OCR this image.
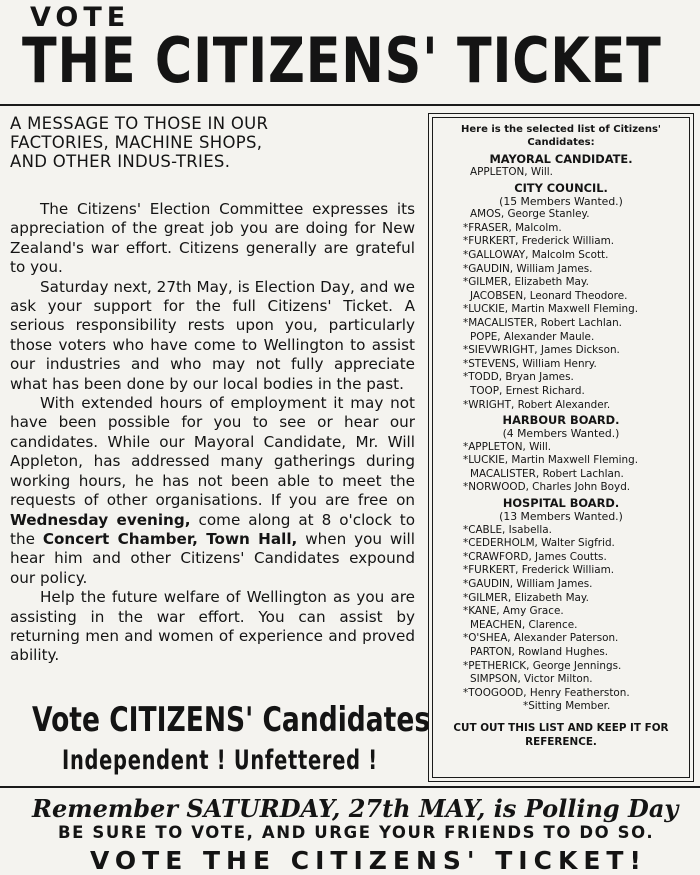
VOTE
THE CITIZENS' TICKET
A MESSAGE TO THOSE IN OUR FACTORIES, MACHINE SHOPS, AND OTHER INDUS-TRIES.

The Citizens' Election Committee expresses its appreciation of the great job you are doing for New Zealand's war effort. Citizens generally are grateful to you.

Saturday next, 27th May, is Election Day, and we ask your support for the full Citizens' Ticket. A serious responsibility rests upon you, particularly those voters who have come to Wellington to assist our industries and who may not fully appreciate what has been done by our local bodies in the past.

With extended hours of employment it may not have been possible for you to see or hear our candidates. While our Mayoral Candidate, Mr. Will Appleton, has addressed many gatherings during working hours, he has not been able to meet the requests of other organisations. If you are free on Wednesday evening, come along at 8 o'clock to the Concert Chamber, Town Hall, when you will hear him and other Citizens' Candidates expound our policy.

Help the future welfare of Wellington as you are assisting in the war effort. You can assist by returning men and women of experience and proved ability.

Vote CITIZENS' Candidates
Independent ! Unfettered !
Here is the selected list of Citizens' Candidates:
MAYORAL CANDIDATE.
APPLETON, Will.
CITY COUNCIL.
(15 Members Wanted.)
AMOS, George Stanley.
*FRASER, Malcolm.
*FURKERT, Frederick William.
*GALLOWAY, Malcolm Scott.
*GAUDIN, William James.
*GILMER, Elizabeth May.
JACOBSEN, Leonard Theodore.
*LUCKIE, Martin Maxwell Fleming.
*MACALISTER, Robert Lachlan.
POPE, Alexander Maule.
*SIEVWRIGHT, James Dickson.
*STEVENS, William Henry.
*TODD, Bryan James.
TOOP, Ernest Richard.
*WRIGHT, Robert Alexander.
HARBOUR BOARD.
(4 Members Wanted.)
*APPLETON, Will.
*LUCKIE, Martin Maxwell Fleming.
MACALISTER, Robert Lachlan.
*NORWOOD, Charles John Boyd.
HOSPITAL BOARD.
(13 Members Wanted.)
*CABLE, Isabella.
*CEDERHOLM, Walter Sigfrid.
*CRAWFORD, James Coutts.
*FURKERT, Frederick William.
*GAUDIN, William James.
*GILMER, Elizabeth May.
*KANE, Amy Grace.
MEACHEN, Clarence.
*O'SHEA, Alexander Paterson.
PARTON, Rowland Hughes.
*PETHERICK, George Jennings.
SIMPSON, Victor Milton.
*TOOGOOD, Henry Featherston.
*Sitting Member.
CUT OUT THIS LIST AND KEEP IT FOR REFERENCE.
Remember SATURDAY, 27th MAY, is Polling Day
BE SURE TO VOTE, AND URGE YOUR FRIENDS TO DO SO.
VOTE THE CITIZENS' TICKET!
